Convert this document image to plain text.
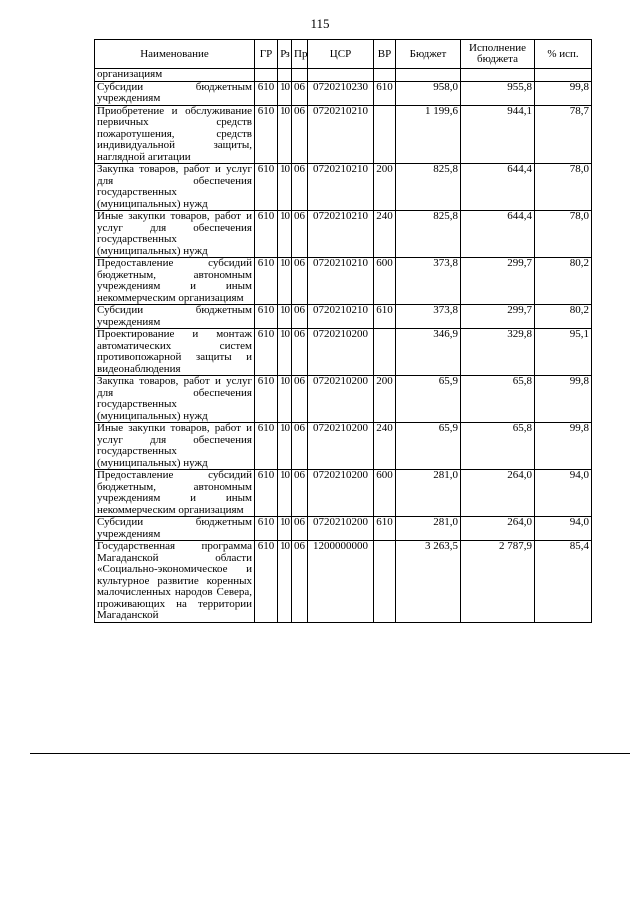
115
Наименование	ГР	Рз	Пр	ЦСР	ВР	Бюджет	Исполнение бюджета	% исп.
организациям								
Субсидии бюджетным учреждениям	610	10	06	0720210230	610	958,0	955,8	99,8
Приобретение и обслуживание первичных средств пожаротушения, средств индивидуальной защиты, наглядной агитации	610	10	06	0720210210		1 199,6	944,1	78,7
Закупка товаров, работ и услуг для обеспечения государственных (муниципальных) нужд	610	10	06	0720210210	200	825,8	644,4	78,0
Иные закупки товаров, работ и услуг для обеспечения государственных (муниципальных) нужд	610	10	06	0720210210	240	825,8	644,4	78,0
Предоставление субсидий бюджетным, автономным учреждениям и иным некоммерческим организациям	610	10	06	0720210210	600	373,8	299,7	80,2
Субсидии бюджетным учреждениям	610	10	06	0720210210	610	373,8	299,7	80,2
Проектирование и монтаж автоматических систем противопожарной защиты и видеонаблюдения	610	10	06	0720210200		346,9	329,8	95,1
Закупка товаров, работ и услуг для обеспечения государственных (муниципальных) нужд	610	10	06	0720210200	200	65,9	65,8	99,8
Иные закупки товаров, работ и услуг для обеспечения государственных (муниципальных) нужд	610	10	06	0720210200	240	65,9	65,8	99,8
Предоставление субсидий бюджетным, автономным учреждениям и иным некоммерческим организациям	610	10	06	0720210200	600	281,0	264,0	94,0
Субсидии бюджетным учреждениям	610	10	06	0720210200	610	281,0	264,0	94,0
Государственная программа Магаданской области «Социально-экономическое и культурное развитие коренных малочисленных народов Севера, проживающих на территории Магаданской	610	10	06	1200000000		3 263,5	2 787,9	85,4
